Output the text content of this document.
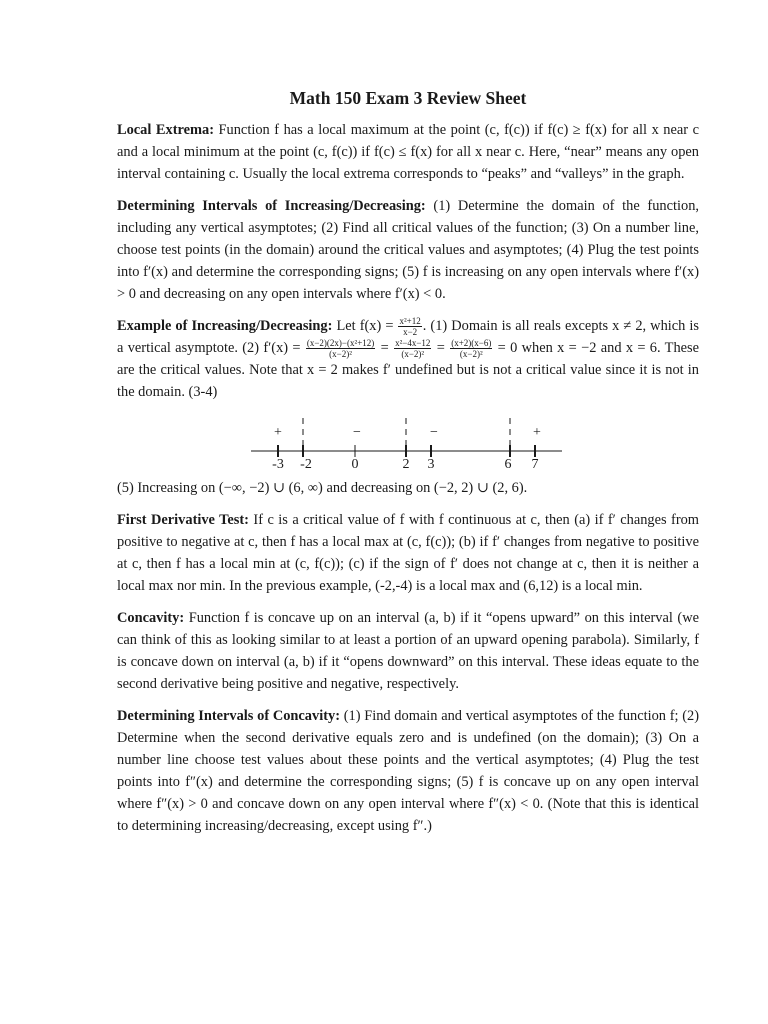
Math 150 Exam 3 Review Sheet

Local Extrema: Function f has a local maximum at the point (c, f(c)) if f(c) ≥ f(x) for all x near c and a local minimum at the point (c, f(c)) if f(c) ≤ f(x) for all x near c. Here, “near” means any open interval containing c. Usually the local extrema corresponds to “peaks” and “valleys” in the graph.

Determining Intervals of Increasing/Decreasing: (1) Determine the domain of the function, including any vertical asymptotes; (2) Find all critical values of the function; (3) On a number line, choose test points (in the domain) around the critical values and asymptotes; (4) Plug the test points into f′(x) and determine the corresponding signs; (5) f is increasing on any open intervals where f′(x) > 0 and decreasing on any open intervals where f′(x) < 0.

Example of Increasing/Decreasing: Let $f(x) = \frac{\text{x²+12}}{x-2}$ . (1) Domain is all reals excepts x ≠ 2, which is a vertical asymptote. (2) $f'(x) = \frac{\text{(x−2)(2x)−(x²+12)}}{\text{(x−2)²}} = \frac{\text{x²−4x−12}}{\text{(x−2)²}} = \frac{(x+2)(x-6)}{\text{(x−2)²}} = 0$ when x = −2 and x = 6. These are the critical values. Note that x = 2 makes f′ undefined but is not a critical value since it is not in the domain. (3-4)

+	−	−	+
-3 -2	0	2 3	6 7

(5) Increasing on (−∞, −2) ∪ (6, ∞) and decreasing on (−2, 2) ∪ (2, 6).

First Derivative Test: If c is a critical value of f with f continuous at c, then (a) if f′ changes from positive to negative at c, then f has a local max at (c, f(c)); (b) if f′ changes from negative to positive at c, then f has a local min at (c, f(c)); (c) if the sign of f′ does not change at c, then it is neither a local max nor min. In the previous example, (-2,-4) is a local max and (6,12) is a local min.

Concavity: Function f is concave up on an interval (a, b) if it “opens upward” on this interval (we can think of this as looking similar to at least a portion of an upward opening parabola). Similarly, f is concave down on interval (a, b) if it “opens downward” on this interval. These ideas equate to the second derivative being positive and negative, respectively.

Determining Intervals of Concavity: (1) Find domain and vertical asymptotes of the function f; (2) Determine when the second derivative equals zero and is undefined (on the domain); (3) On a number line choose test values about these points and the vertical asymptotes; (4) Plug the test points into f″(x) and determine the corresponding signs; (5) f is concave up on any open interval where f″(x) > 0 and concave down on any open interval where f″(x) < 0. (Note that this is identical to determining increasing/decreasing, except using f″.)
